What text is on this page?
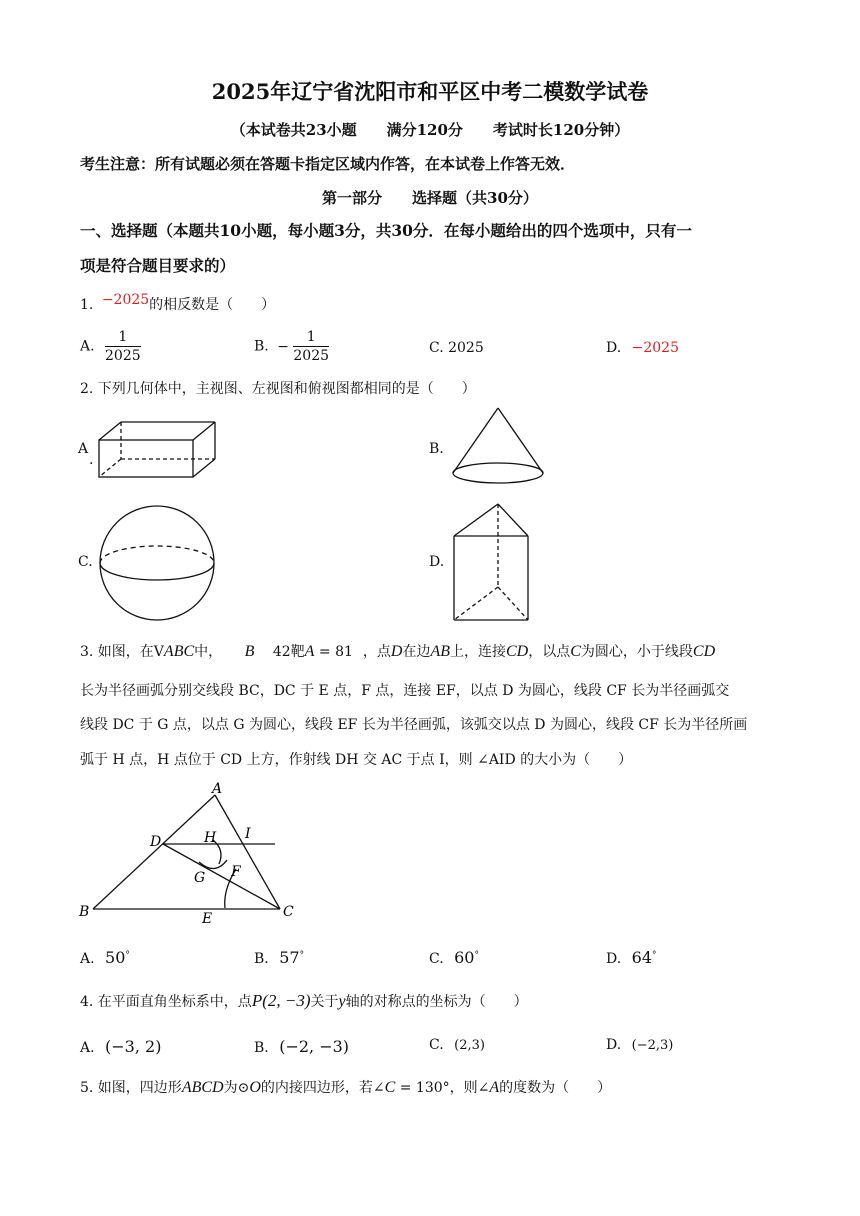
2025年辽宁省沈阳市和平区中考二模数学试卷
（本试卷共23小题　　满分120分　　考试时长120分钟）
考生注意：所有试题必须在答题卡指定区域内作答，在本试卷上作答无效．
第一部分　　选择题（共30分）
一、选择题（本题共10小题，每小题3分，共30分．在每小题给出的四个选项中，只有一
项是符合题目要求的）
1. −2025的相反数是（　　）
A. $\frac{1}{2025}$	B. − $\frac{1}{2025}$	C. 2025	D. −2025
2. 下列几何体中，主视图、左视图和俯视图都相同的是（　　）
A
.
B.
C.	D.
3. 如图，在VABC中， B 42靶A = 81 ，点D在边AB上，连接CD，以点C为圆心，小于线段CD
长为半径画弧分别交线段 BC，DC 于 E 点，F 点，连接 EF，以点 D 为圆心，线段 CF 长为半径画弧交
线段 DC 于 G 点，以点 G 为圆心，线段 EF 长为半径画弧，该弧交以点 D 为圆心，线段 CF 长为半径所画
弧于 H 点，H 点位于 CD 上方，作射线 DH 交 AC 于点 I，则 ∠AID 的大小为（　　）
A
B	C
D
E
F
G
H I
A. 50°	B. 57°	C. 60°	D. 64°
4. 在平面直角坐标系中，点P(2, −3)关于y轴的对称点的坐标为（　　）
A. (−3, 2)	B. (−2, −3)	C. (2,3)	D. (−2,3)
5. 如图，四边形ABCD为⊙O的内接四边形，若∠C = 130°，则∠A的度数为（　　）
